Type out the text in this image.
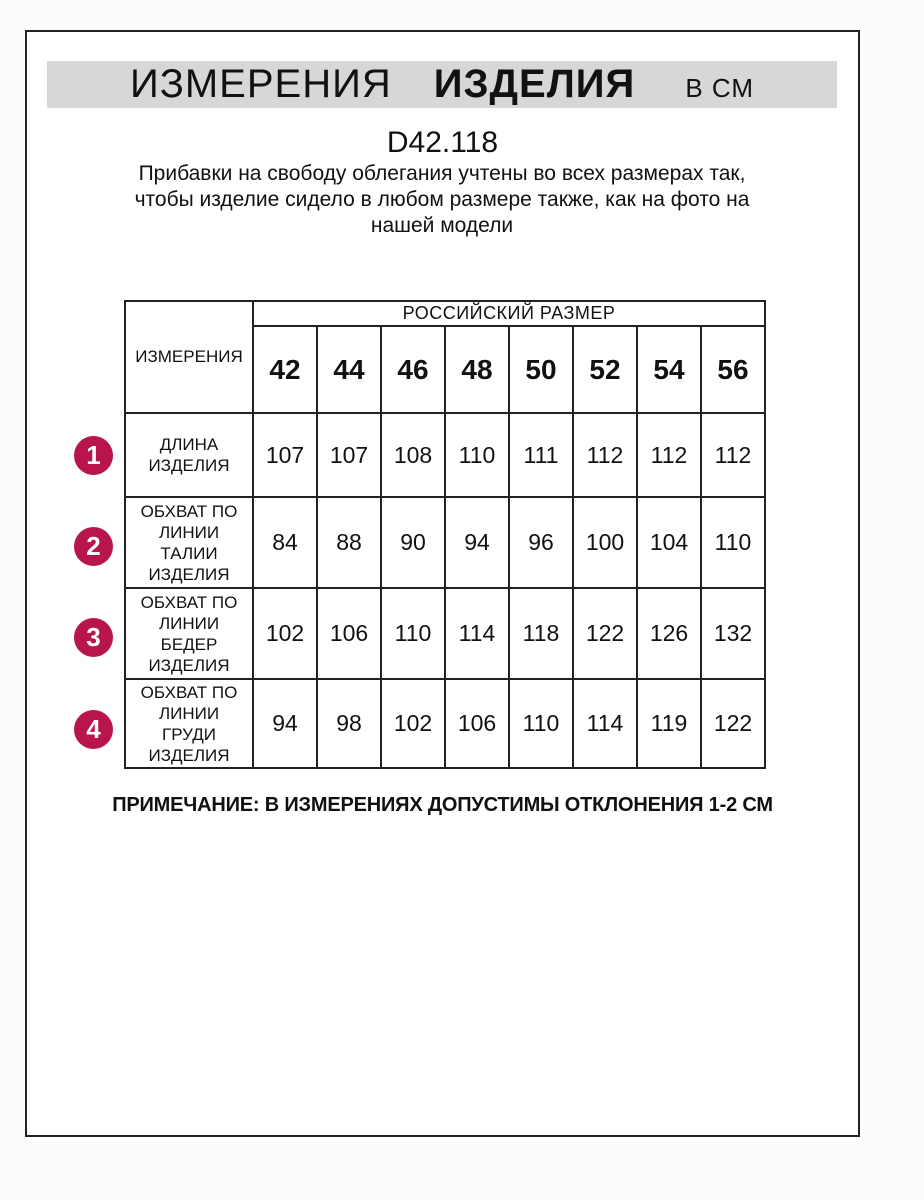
ИЗМЕРЕНИЯ ИЗДЕЛИЯ В СМ
D42.118
Прибавки на свободу облегания учтены во всех размерах так, чтобы изделие сидело в любом размере также, как на фото на нашей модели
ИЗМЕРЕНИЯ	РОССИЙСКИЙ РАЗМЕР							
	42	44	46	48	50	52	54	56
ДЛИНА ИЗДЕЛИЯ	107	107	108	110	111	112	112	112
ОБХВАТ ПО ЛИНИИ ТАЛИИ ИЗДЕЛИЯ	84	88	90	94	96	100	104	110
ОБХВАТ ПО ЛИНИИ БЕДЕР ИЗДЕЛИЯ	102	106	110	114	118	122	126	132
ОБХВАТ ПО ЛИНИИ ГРУДИ ИЗДЕЛИЯ	94	98	102	106	110	114	119	122
1
2
3
4
ПРИМЕЧАНИЕ: В ИЗМЕРЕНИЯХ ДОПУСТИМЫ ОТКЛОНЕНИЯ 1-2 СМ
